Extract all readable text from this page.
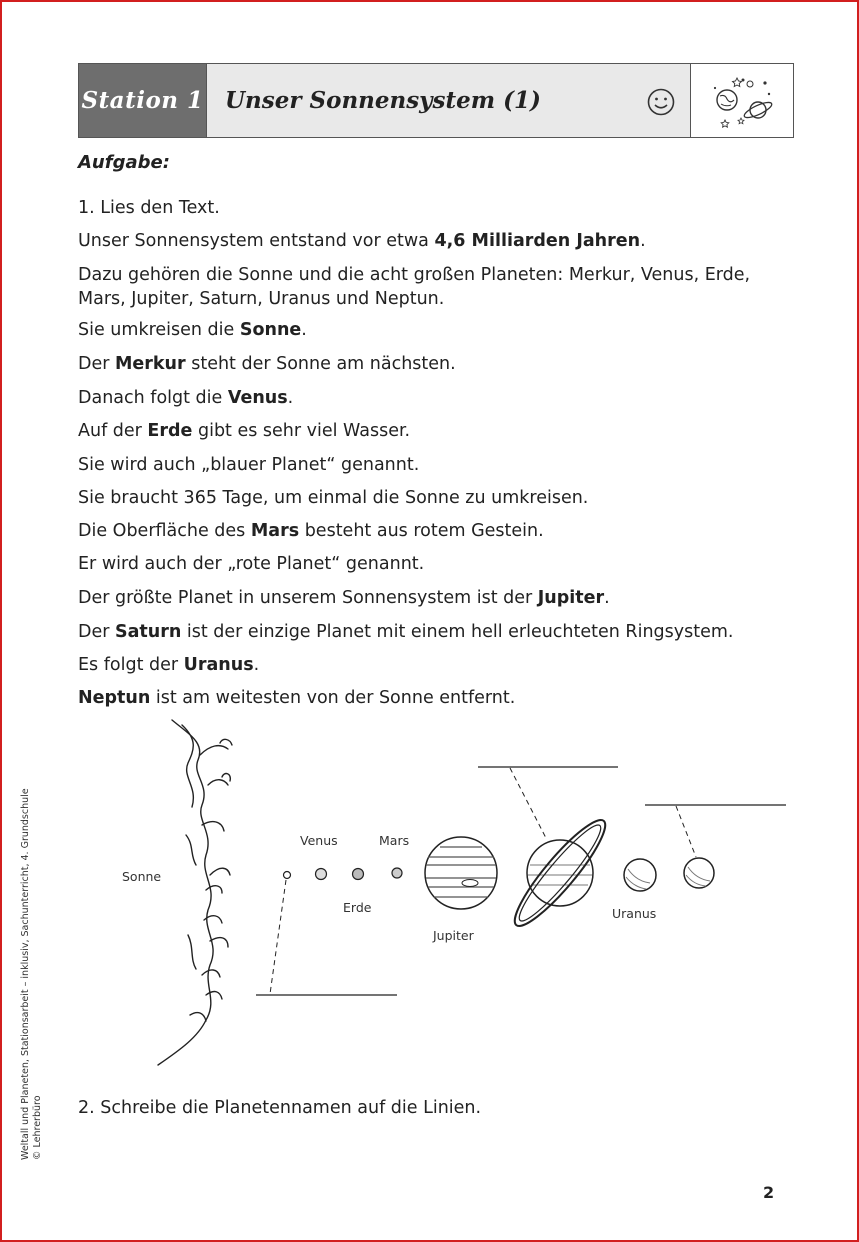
Station 1 Unser Sonnensystem (1)
Aufgabe:

1. Lies den Text.

Unser Sonnensystem entstand vor etwa 4,6 Milliarden Jahren.

Dazu gehören die Sonne und die acht großen Planeten: Merkur, Venus, Erde, Mars, Jupiter, Saturn, Uranus und Neptun.

Sie umkreisen die Sonne.

Der Merkur steht der Sonne am nächsten.

Danach folgt die Venus.

Auf der Erde gibt es sehr viel Wasser.

Sie wird auch „blauer Planet“ genannt.

Sie braucht 365 Tage, um einmal die Sonne zu umkreisen.

Die Oberfläche des Mars besteht aus rotem Gestein.

Er wird auch der „rote Planet“ genannt.

Der größte Planet in unserem Sonnensystem ist der Jupiter.

Der Saturn ist der einzige Planet mit einem hell erleuchteten Ringsystem.

Es folgt der Uranus.

Neptun ist am weitesten von der Sonne entfernt.

Sonne
Venus	Mars
Erde
Jupiter
Uranus
2. Schreibe die Planetennamen auf die Linien.
Weltall und Planeten, Stationsarbeit – inklusiv, Sachunterricht, 4. Grundschule © Lehrerbüro
2
